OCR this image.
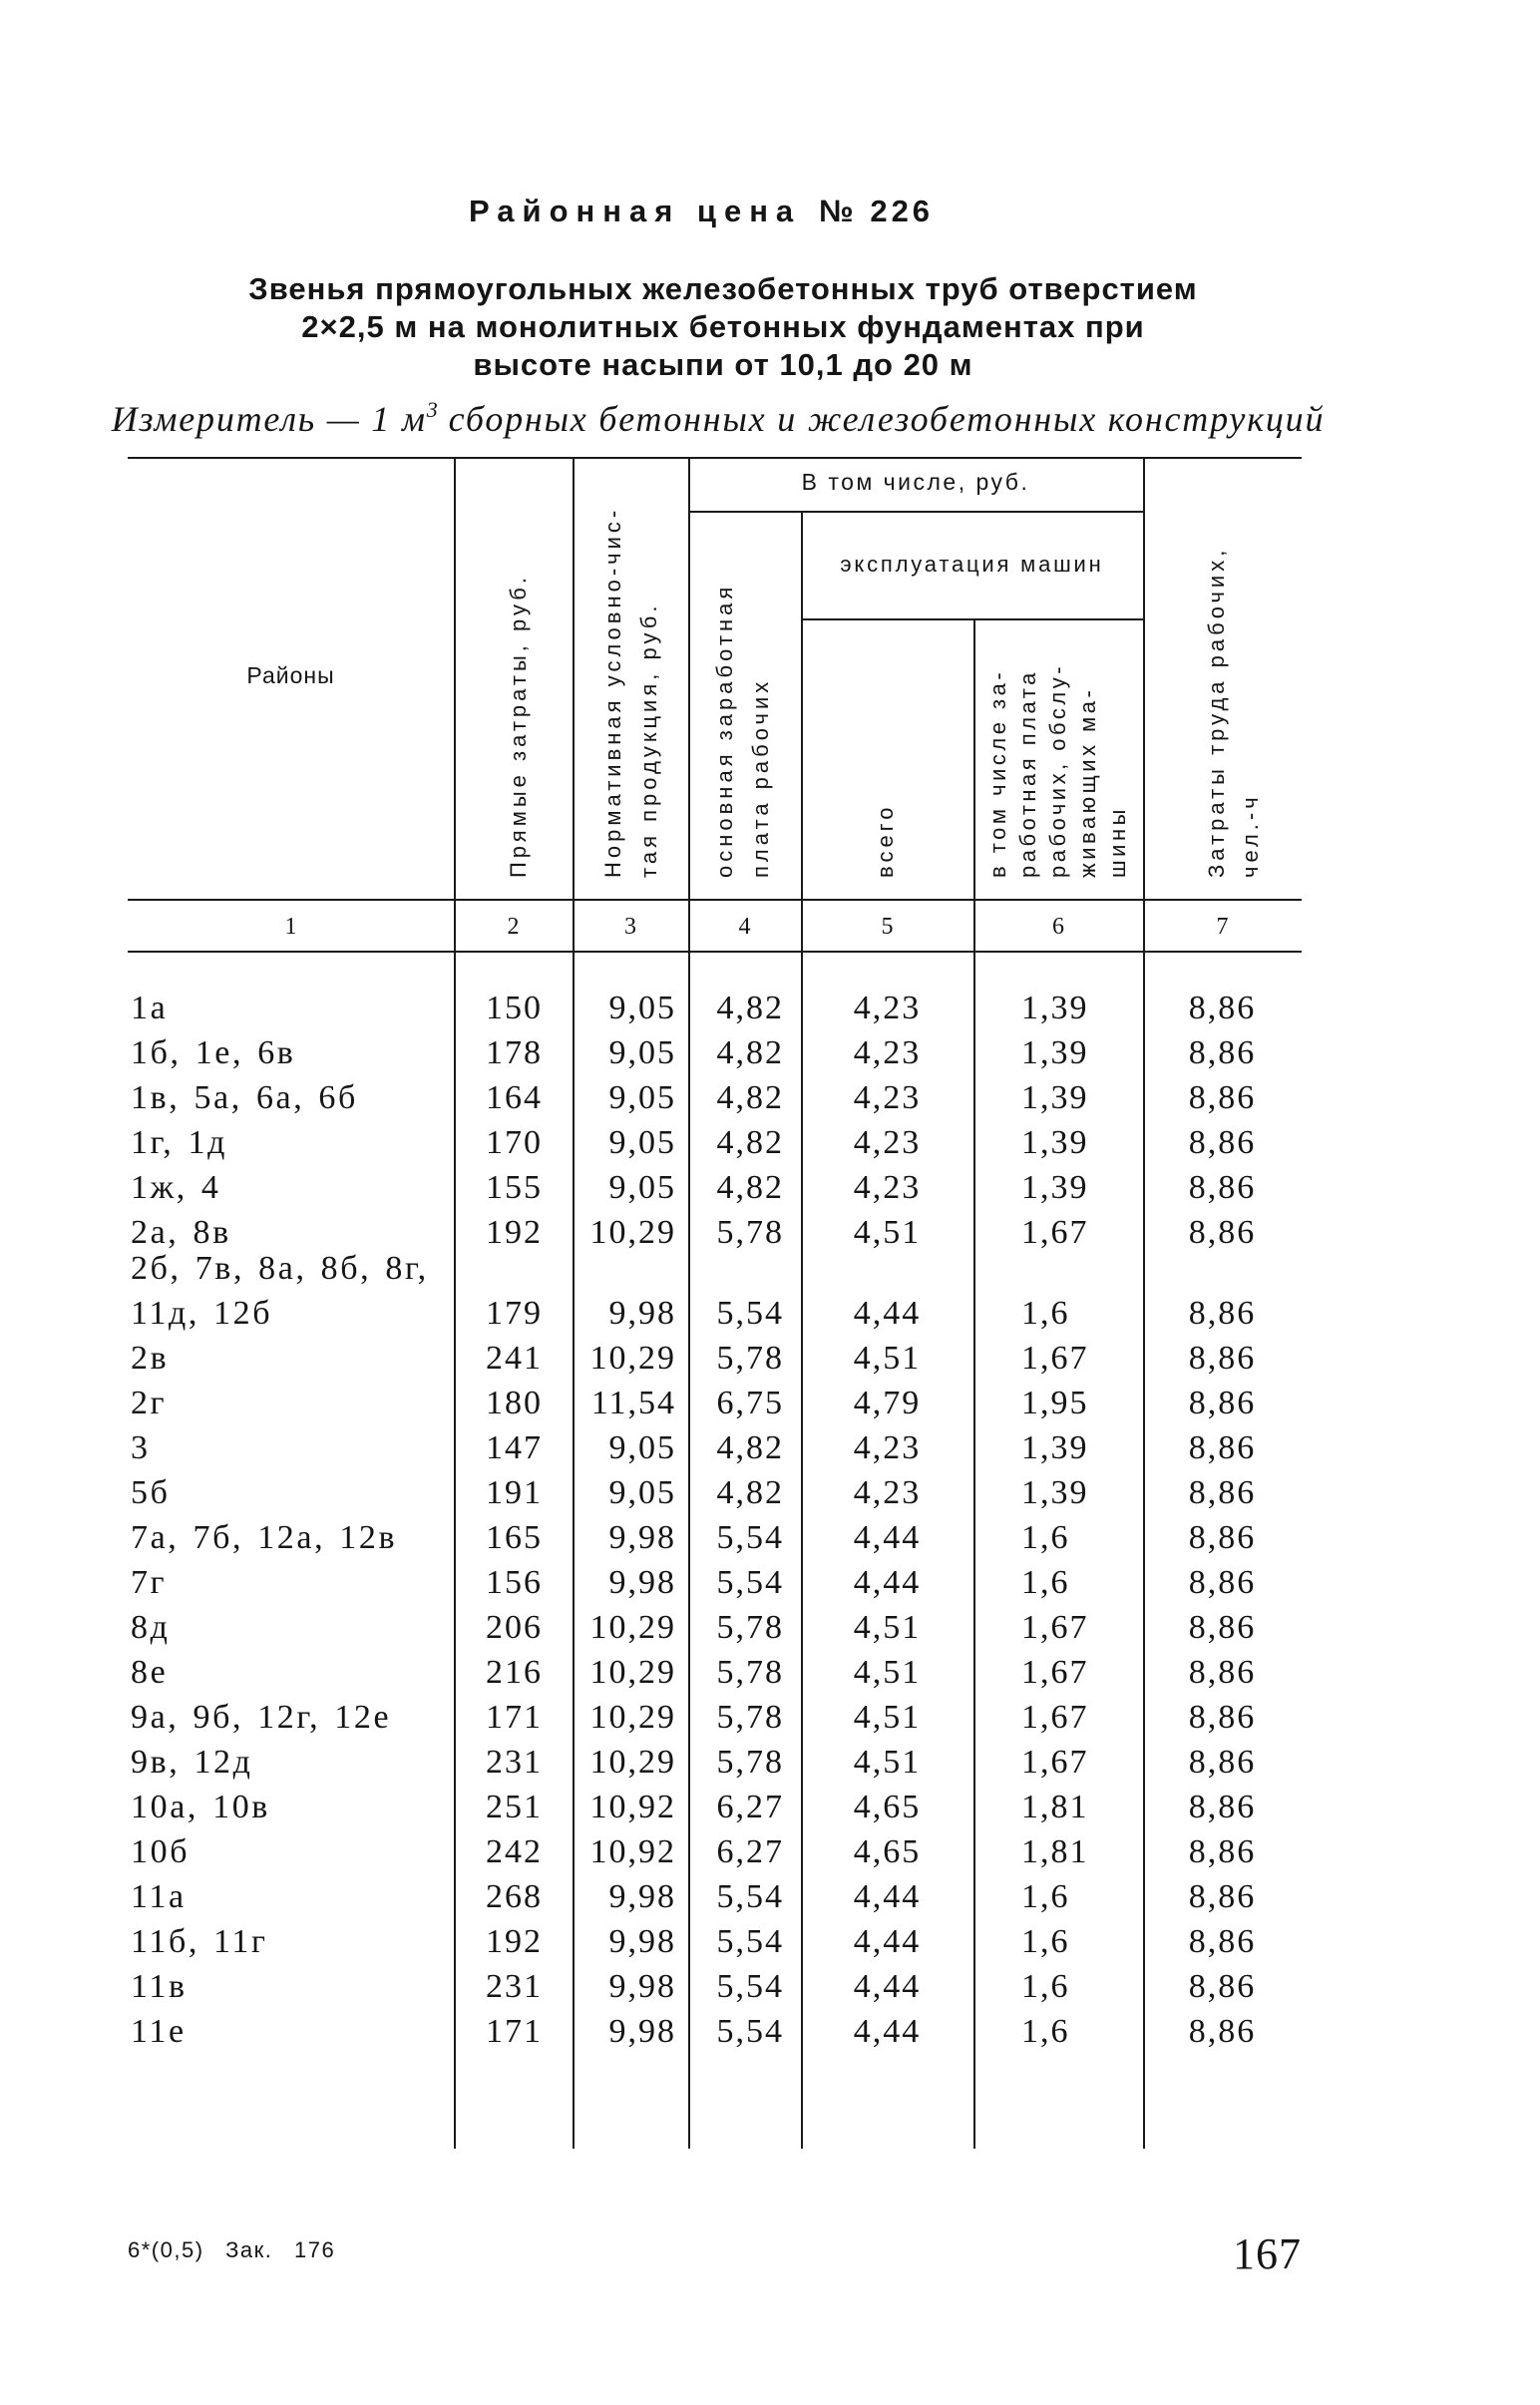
Районная цена № 226
Звенья прямоугольных железобетонных труб отверстием
2×2,5 м на монолитных бетонных фундаментах при
высоте насыпи от 10,1 до 20 м
Измеритель — 1 $м^3$ сборных бетонных и железобетонных конструкций
Районы	Прямые затраты, руб.	Нормативная условно-чис- тая продукция, руб.
В том числе, руб.
основная заработная плата рабочих
эксплуатация машин
всего	в том числе за- работная плата рабочих, обслу- живающих ма- шины	Затраты труда рабочих, чел.-ч
1	2	3	4	5	6	7
1а	150	9,05	4,82	4,23	1,39	8,86
1б, 1е, 6в	178	9,05	4,82	4,23	1,39	8,86
1в, 5а, 6а, 6б	164	9,05	4,82	4,23	1,39	8,86
1г, 1д	170	9,05	4,82	4,23	1,39	8,86
1ж, 4	155	9,05	4,82	4,23	1,39	8,86
2а, 8в	192	10,29	5,78	4,51	1,67	8,86
2б, 7в, 8а, 8б, 8г,
11д, 12б	179	9,98	5,54	4,44	1,6	8,86
2в	241	10,29	5,78	4,51	1,67	8,86
2г	180	11,54	6,75	4,79	1,95	8,86
3	147	9,05	4,82	4,23	1,39	8,86
5б	191	9,05	4,82	4,23	1,39	8,86
7а, 7б, 12а, 12в	165	9,98	5,54	4,44	1,6	8,86
7г	156	9,98	5,54	4,44	1,6	8,86
8д	206	10,29	5,78	4,51	1,67	8,86
8е	216	10,29	5,78	4,51	1,67	8,86
9а, 9б, 12г, 12е	171	10,29	5,78	4,51	1,67	8,86
9в, 12д	231	10,29	5,78	4,51	1,67	8,86
10а, 10в	251	10,92	6,27	4,65	1,81	8,86
10б	242	10,92	6,27	4,65	1,81	8,86
11а	268	9,98	5,54	4,44	1,6	8,86
11б, 11г	192	9,98	5,54	4,44	1,6	8,86
11в	231	9,98	5,54	4,44	1,6	8,86
11е	171	9,98	5,54	4,44	1,6	8,86
6*(0,5) Зак. 176	167
